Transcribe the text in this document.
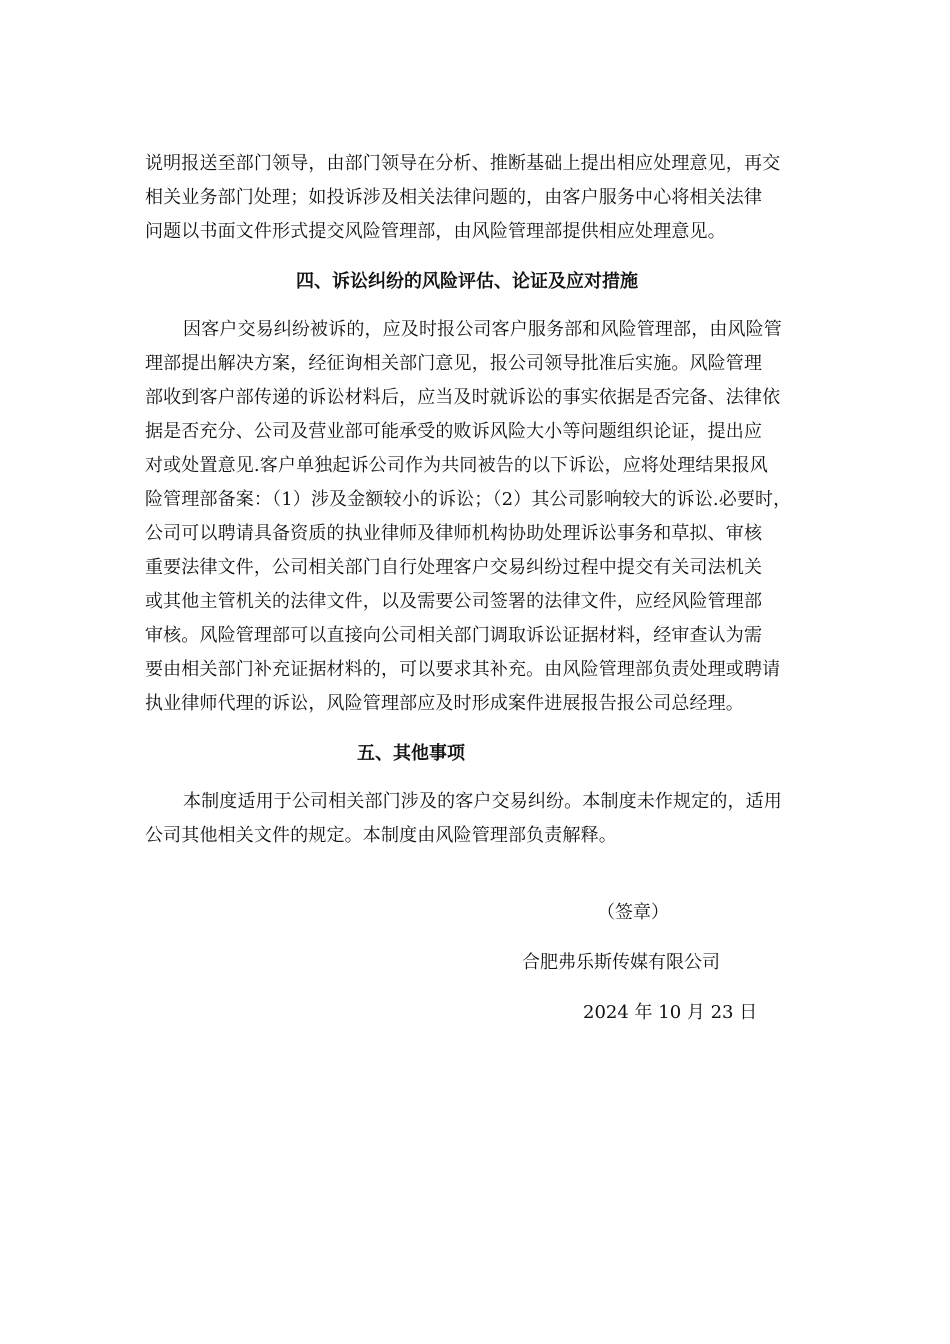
说明报送至部门领导，由部门领导在分析、推断基础上提出相应处理意见，再交
相关业务部门处理；如投诉涉及相关法律问题的，由客户服务中心将相关法律
问题以书面文件形式提交风险管理部，由风险管理部提供相应处理意见。
四、诉讼纠纷的风险评估、论证及应对措施
因客户交易纠纷被诉的，应及时报公司客户服务部和风险管理部，由风险管
理部提出解决方案，经征询相关部门意见，报公司领导批准后实施。风险管理
部收到客户部传递的诉讼材料后，应当及时就诉讼的事实依据是否完备、法律依
据是否充分、公司及营业部可能承受的败诉风险大小等问题组织论证，提出应
对或处置意见.客户单独起诉公司作为共同被告的以下诉讼，应将处理结果报风
险管理部备案：（1）涉及金额较小的诉讼；（2）其公司影响较大的诉讼.必要时，
公司可以聘请具备资质的执业律师及律师机构协助处理诉讼事务和草拟、审核
重要法律文件，公司相关部门自行处理客户交易纠纷过程中提交有关司法机关
或其他主管机关的法律文件，以及需要公司签署的法律文件，应经风险管理部
审核。风险管理部可以直接向公司相关部门调取诉讼证据材料，经审查认为需
要由相关部门补充证据材料的，可以要求其补充。由风险管理部负责处理或聘请
执业律师代理的诉讼，风险管理部应及时形成案件进展报告报公司总经理。
五、其他事项
本制度适用于公司相关部门涉及的客户交易纠纷。本制度未作规定的，适用
公司其他相关文件的规定。本制度由风险管理部负责解释。
（签章）
合肥弗乐斯传媒有限公司
2024 年 10 月 23 日
